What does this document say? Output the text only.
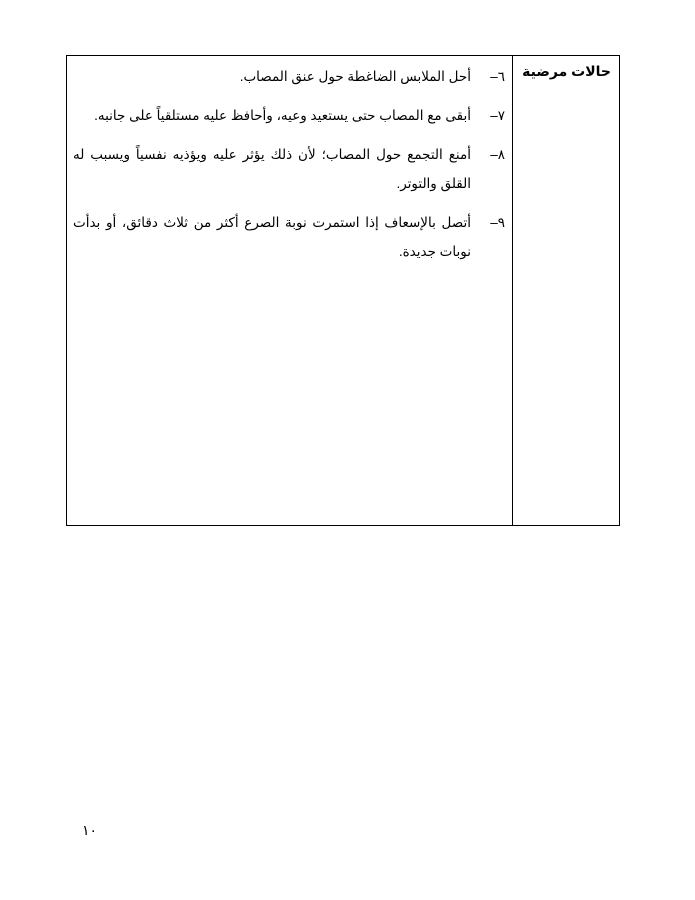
حالات مرضية
٦–
أحل الملابس الضاغطة حول عنق المصاب.
٧–
أبقى مع المصاب حتى يستعيد وعيه، وأحافظ عليه مستلقياً على جانبه.
٨–
أمنع التجمع حول المصاب؛ لأن ذلك يؤثر عليه ويؤذيه نفسياً ويسبب له القلق والتوتر.
٩–
أتصل بالإسعاف إذا استمرت نوبة الصرع أكثر من ثلاث دقائق، أو بدأت نوبات جديدة.
١٠
